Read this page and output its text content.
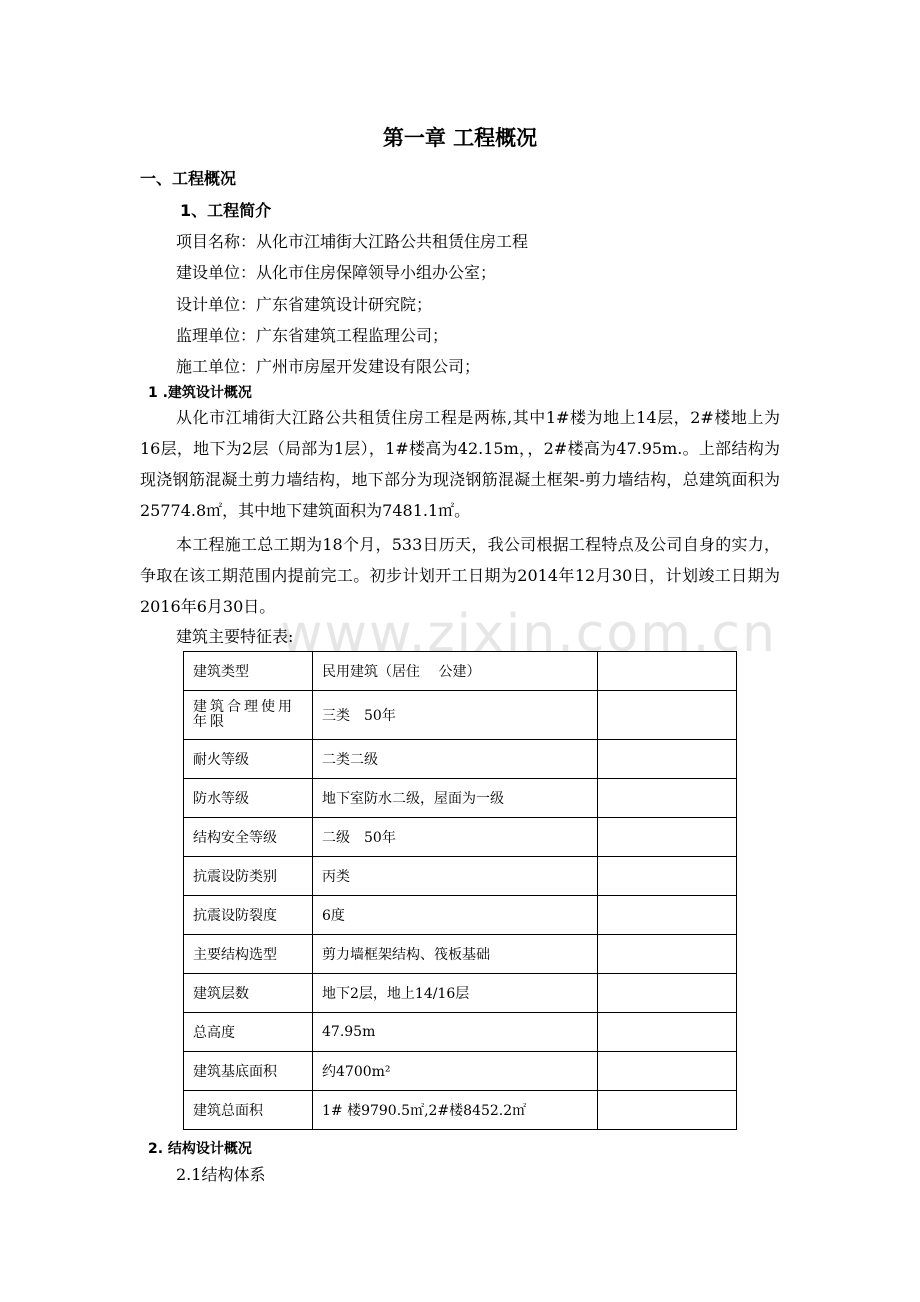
www.zixin.com.cn
第一章 工程概况
一、工程概况
1、工程简介
项目名称：从化市江埔街大江路公共租赁住房工程
建设单位：从化市住房保障领导小组办公室；
设计单位：广东省建筑设计研究院；
监理单位：广东省建筑工程监理公司；
施工单位：广州市房屋开发建设有限公司；
1 .建筑设计概况
从化市江埔街大江路公共租赁住房工程是两栋,其中1#楼为地上14层，2#楼地上为16层，地下为2层（局部为1层），1#楼高为42.15m，，2#楼高为47.95m.。上部结构为现浇钢筋混凝土剪力墙结构，地下部分为现浇钢筋混凝土框架-剪力墙结构，总建筑面积为25774.8㎡，其中地下建筑面积为7481.1㎡。
本工程施工总工期为18个月，533日历天，我公司根据工程特点及公司自身的实力，争取在该工期范围内提前完工。初步计划开工日期为2014年12月30日，计划竣工日期为2016年6月30日。
建筑主要特征表:
建筑类型	民用建筑（居住　 公建）	

建筑合理使用年限	三类　50年	
耐火等级	二类二级	
防水等级	地下室防水二级，屋面为一级	
结构安全等级	二级　50年	
抗震设防类别	丙类	
抗震设防裂度	6度	
主要结构选型	剪力墙框架结构、筏板基础	
建筑层数	地下2层，地上14/16层	
总高度	47.95m	
建筑基底面积	约4700m²	
建筑总面积	1# 楼9790.5㎡,2#楼8452.2㎡	
2. 结构设计概况
2.1结构体系
